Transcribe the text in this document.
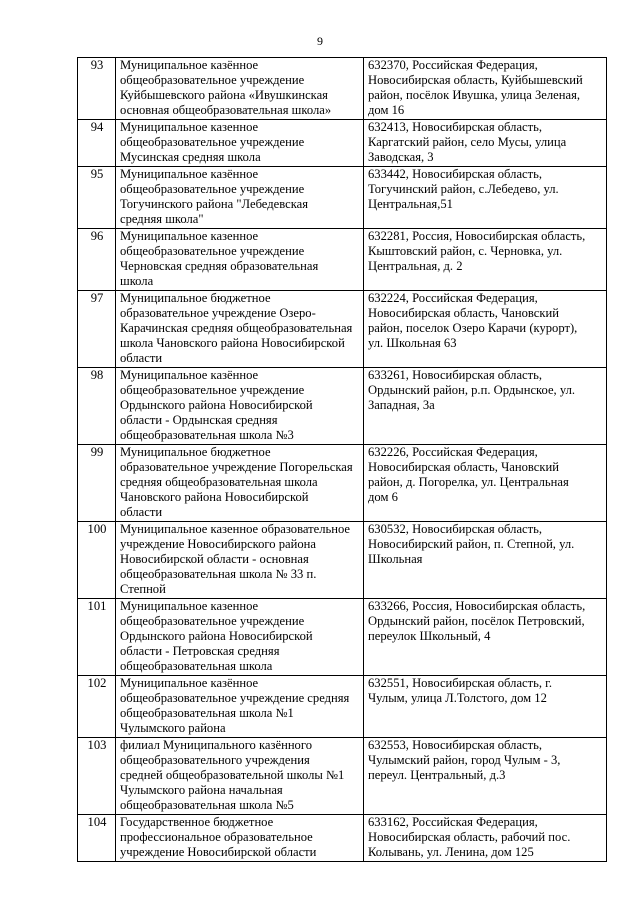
9
93	Муниципальное казённое
общеобразовательное учреждение
Куйбышевского района «Ивушкинская
основная общеобразовательная школа»	632370, Российская Федерация,
Новосибирская область, Куйбышевский
район, посёлок Ивушка, улица Зеленая,
дом 16

94	Муниципальное казенное
общеобразовательное учреждение
Мусинская средняя школа	632413, Новосибирская область,
Каргатский район, село Мусы, улица
Заводская, 3

95	Муниципальное казённое
общеобразовательное учреждение
Тогучинского района "Лебедевская
средняя школа"	633442, Новосибирская область,
Тогучинский район, с.Лебедево, ул.
Центральная,51

96	Муниципальное казенное
общеобразовательное учреждение
Черновская средняя образовательная
школа	632281, Россия, Новосибирская область,
Кыштовский район, с. Черновка, ул.
Центральная, д. 2

97	Муниципальное бюджетное
образовательное учреждение Озеро-
Карачинская средняя общеобразовательная
школа Чановского района Новосибирской
области	632224, Российская Федерация,
Новосибирская область, Чановский
район, поселок Озеро Карачи (курорт),
ул. Школьная 63

98	Муниципальное казённое
общеобразовательное учреждение
Ордынского района Новосибирской
области - Ордынская средняя
общеобразовательная школа №3	633261, Новосибирская область,
Ордынский район, р.п. Ордынское, ул.
Западная, 3а

99	Муниципальное бюджетное
образовательное учреждение Погорельская
средняя общеобразовательная школа
Чановского района Новосибирской
области	632226, Российская Федерация,
Новосибирская область, Чановский
район, д. Погорелка, ул. Центральная
дом 6

100	Муниципальное казенное образовательное
учреждение Новосибирского района
Новосибирской области - основная
общеобразовательная школа № 33 п.
Степной	630532, Новосибирская область,
Новосибирский район, п. Степной, ул.
Школьная

101	Муниципальное казенное
общеобразовательное учреждение
Ордынского района Новосибирской
области - Петровская средняя
общеобразовательная школа	633266, Россия, Новосибирская область,
Ордынский район, посёлок Петровский,
переулок Школьный, 4

102	Муниципальное казённое
общеобразовательное учреждение средняя
общеобразовательная школа №1
Чулымского района	632551, Новосибирская область, г.
Чулым, улица Л.Толстого, дом 12

103	филиал Муниципального казённого
общеобразовательного учреждения
средней общеобразовательной школы №1
Чулымского района начальная
общеобразовательная школа №5	632553, Новосибирская область,
Чулымский район, город Чулым - 3,
переул. Центральный, д.3

104	Государственное бюджетное
профессиональное образовательное
учреждение Новосибирской области	633162, Российская Федерация,
Новосибирская область, рабочий пос.
Колывань, ул. Ленина, дом 125
